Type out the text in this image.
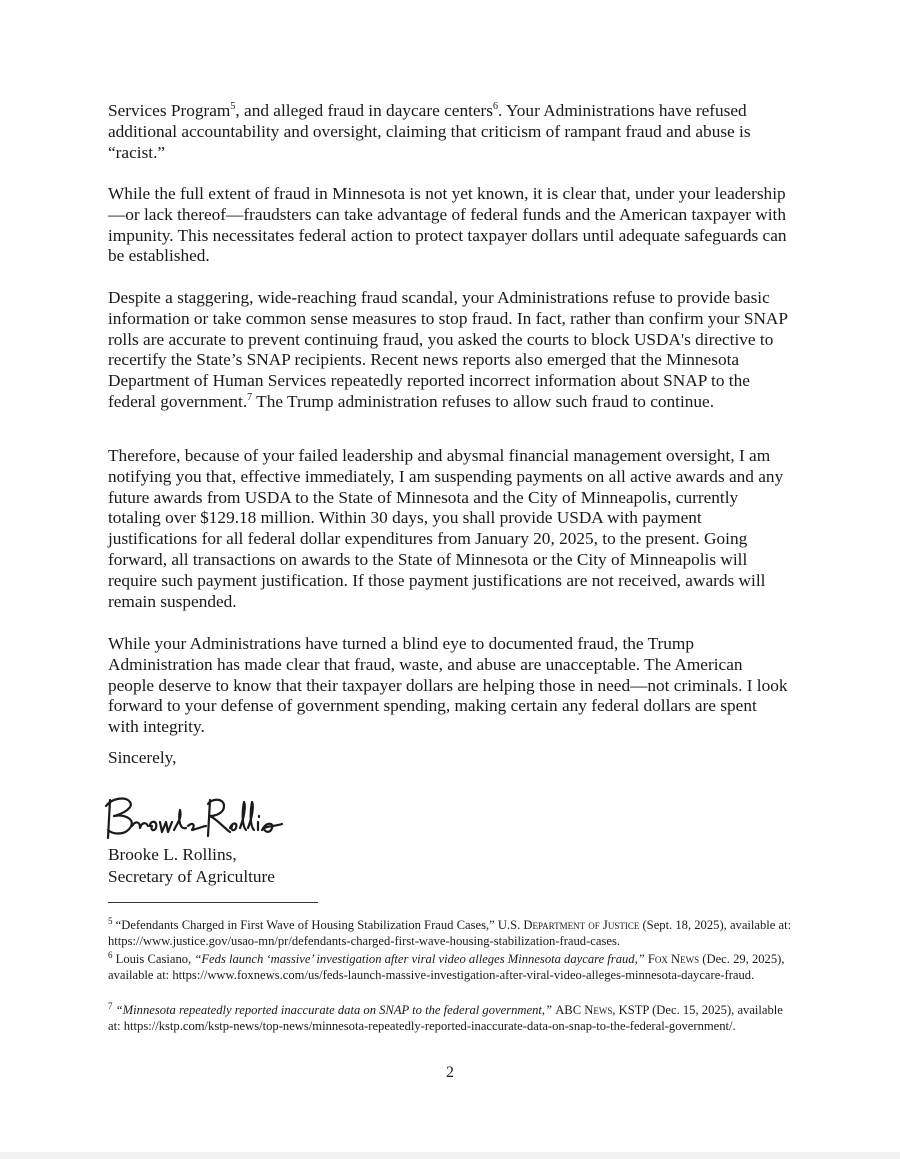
Services Program$^5$, and alleged fraud in daycare centers$^6$. Your Administrations have refused additional accountability and oversight, claiming that criticism of rampant fraud and abuse is “racist.”

While the full extent of fraud in Minnesota is not yet known, it is clear that, under your leadership—or lack thereof—fraudsters can take advantage of federal funds and the American taxpayer with impunity. This necessitates federal action to protect taxpayer dollars until adequate safeguards can be established.

Despite a staggering, wide-reaching fraud scandal, your Administrations refuse to provide basic information or take common sense measures to stop fraud. In fact, rather than confirm your SNAP rolls are accurate to prevent continuing fraud, you asked the courts to block USDA's directive to recertify the State’s SNAP recipients. Recent news reports also emerged that the Minnesota Department of Human Services repeatedly reported incorrect information about SNAP to the federal government.$^7$ The Trump administration refuses to allow such fraud to continue.

Therefore, because of your failed leadership and abysmal financial management oversight, I am notifying you that, effective immediately, I am suspending payments on all active awards and any future awards from USDA to the State of Minnesota and the City of Minneapolis, currently totaling over $129.18 million. Within 30 days, you shall provide USDA with payment justifications for all federal dollar expenditures from January 20, 2025, to the present. Going forward, all transactions on awards to the State of Minnesota or the City of Minneapolis will require such payment justification. If those payment justifications are not received, awards will remain suspended.

While your Administrations have turned a blind eye to documented fraud, the Trump Administration has made clear that fraud, waste, and abuse are unacceptable. The American people deserve to know that their taxpayer dollars are helping those in need—not criminals. I look forward to your defense of government spending, making certain any federal dollars are spent with integrity.

Sincerely,
Brooke L. Rollins,
Secretary of Agriculture

$^5$ “Defendants Charged in First Wave of Housing Stabilization Fraud Cases,” U.S. Department of Justice (Sept. 18, 2025), available at: https://www.justice.gov/usao-mn/pr/defendants-charged-first-wave-housing-stabilization-fraud-cases.

$^6$ Louis Casiano, “Feds launch ‘massive’ investigation after viral video alleges Minnesota daycare fraud,” Fox News (Dec. 29, 2025), available at: https://www.foxnews.com/us/feds-launch-massive-investigation-after-viral-video-alleges-minnesota-daycare-fraud.

$^7$ “Minnesota repeatedly reported inaccurate data on SNAP to the federal government,” ABC News, KSTP (Dec. 15, 2025), available at: https://kstp.com/kstp-news/top-news/minnesota-repeatedly-reported-inaccurate-data-on-snap-to-the-federal-government/.

2
